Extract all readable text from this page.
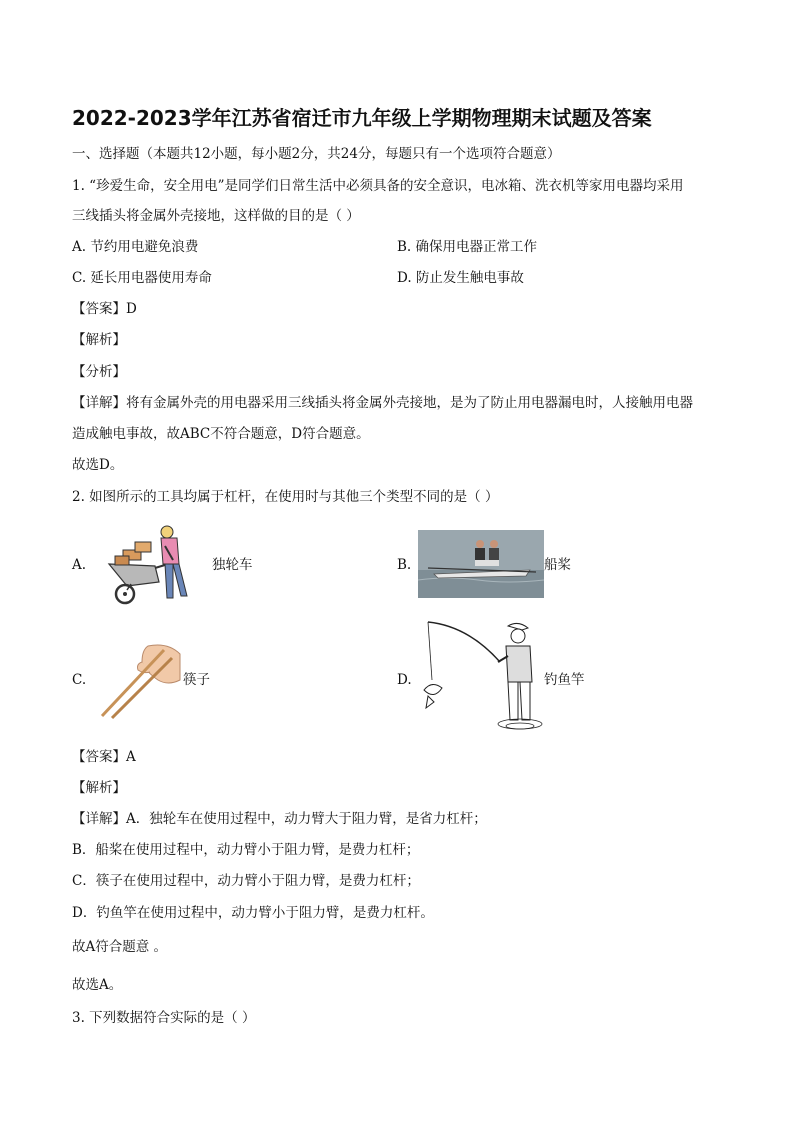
2022-2023学年江苏省宿迁市九年级上学期物理期末试题及答案
一、选择题（本题共12小题，每小题2分，共24分，每题只有一个选项符合题意）
1. “珍爱生命，安全用电”是同学们日常生活中必须具备的安全意识，电冰箱、洗衣机等家用电器均采用
三线插头将金属外壳接地，这样做的目的是（ ）
A. 节约用电避免浪费	B. 确保用电器正常工作
C. 延长用电器使用寿命	D. 防止发生触电事故
【答案】D
【解析】
【分析】
【详解】将有金属外壳的用电器采用三线插头将金属外壳接地，是为了防止用电器漏电时，人接触用电器
造成触电事故，故ABC不符合题意，D符合题意。
故选D。
2. 如图所示的工具均属于杠杆，在使用时与其他三个类型不同的是（ ）
A.	独轮车	B.	船桨
C.	筷子	D.	钓鱼竿
【答案】A
【解析】
【详解】A．独轮车在使用过程中，动力臂大于阻力臂，是省力杠杆；
B．船桨在使用过程中，动力臂小于阻力臂，是费力杠杆；
C．筷子在使用过程中，动力臂小于阻力臂，是费力杠杆；
D．钓鱼竿在使用过程中，动力臂小于阻力臂，是费力杠杆。
故A符合题意 。
故选A。
3. 下列数据符合实际的是（ ）
